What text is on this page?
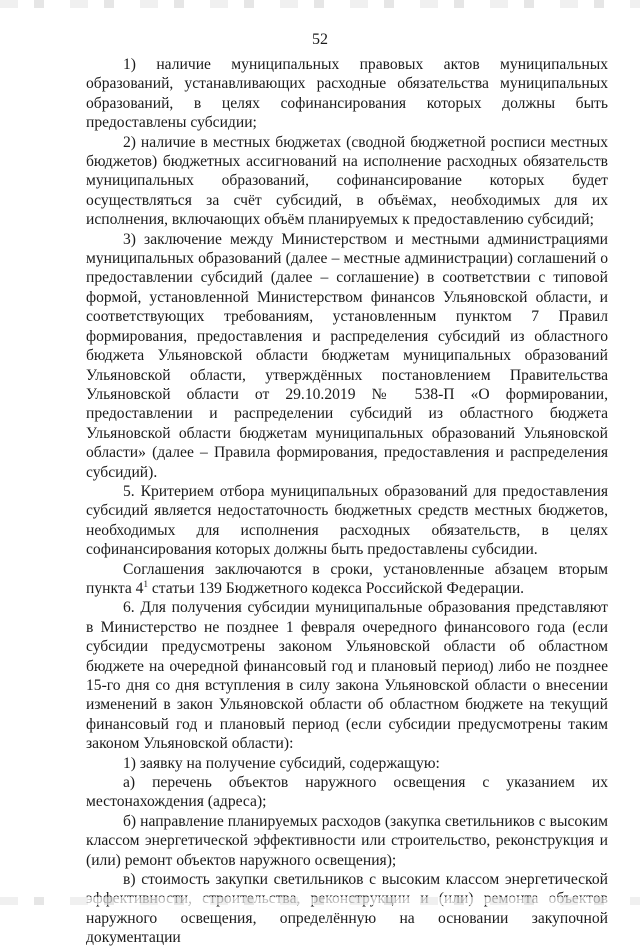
52

1) наличие муниципальных правовых актов муниципальных образований, устанавливающих расходные обязательства муниципальных образований, в целях софинансирования которых должны быть предоставлены субсидии;

2) наличие в местных бюджетах (сводной бюджетной росписи местных бюджетов) бюджетных ассигнований на исполнение расходных обязательств муниципальных образований, софинансирование которых будет осуществляться за счёт субсидий, в объёмах, необходимых для их исполнения, включающих объём планируемых к предоставлению субсидий;

3) заключение между Министерством и местными администрациями муниципальных образований (далее – местные администрации) соглашений о предоставлении субсидий (далее – соглашение) в соответствии с типовой формой, установленной Министерством финансов Ульяновской области, и соответствующих требованиям, установленным пунктом 7 Правил формирования, предоставления и распределения субсидий из областного бюджета Ульяновской области бюджетам муниципальных образований Ульяновской области, утверждённых постановлением Правительства Ульяновской области от 29.10.2019 № 538-П «О формировании, предоставлении и распределении субсидий из областного бюджета Ульяновской области бюджетам муниципальных образований Ульяновской области» (далее – Правила формирования, предоставления и распределения субсидий).

5. Критерием отбора муниципальных образований для предоставления субсидий является недостаточность бюджетных средств местных бюджетов, необходимых для исполнения расходных обязательств, в целях софинансирования которых должны быть предоставлены субсидии.

Соглашения заключаются в сроки, установленные абзацем вторым пункта $4^1$ статьи 139 Бюджетного кодекса Российской Федерации.

6. Для получения субсидии муниципальные образования представляют в Министерство не позднее 1 февраля очередного финансового года (если субсидии предусмотрены законом Ульяновской области об областном бюджете на очередной финансовый год и плановый период) либо не позднее 15-го дня со дня вступления в силу закона Ульяновской области о внесении изменений в закон Ульяновской области об областном бюджете на текущий финансовый год и плановый период (если субсидии предусмотрены таким законом Ульяновской области):

1) заявку на получение субсидий, содержащую:

а) перечень объектов наружного освещения с указанием их местонахождения (адреса);

б) направление планируемых расходов (закупка светильников с высоким классом энергетической эффективности или строительство, реконструкция и (или) ремонт объектов наружного освещения);

в) стоимость закупки светильников с высоким классом энергетической наружного освещения, определённую на основании закупочной документации
